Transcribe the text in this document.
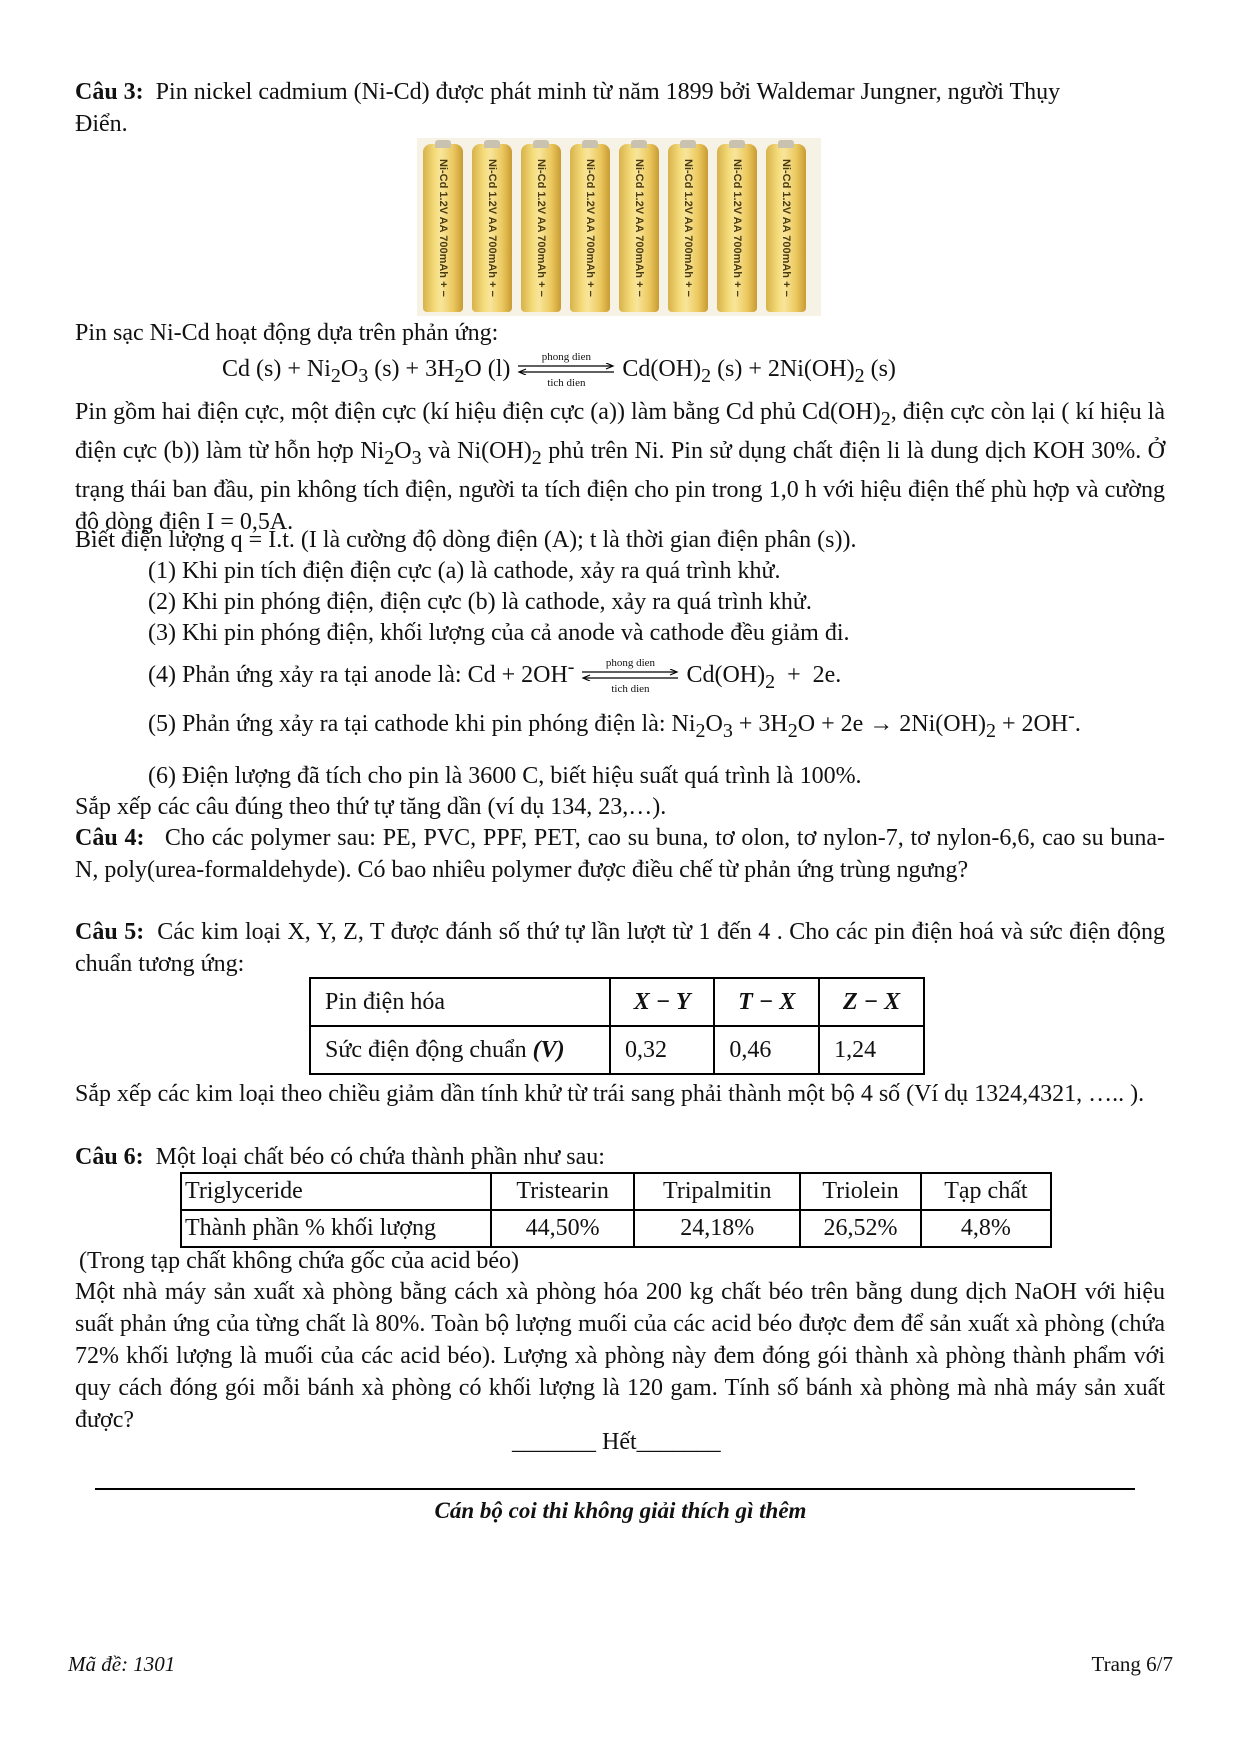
Câu 3: Pin nickel cadmium (Ni-Cd) được phát minh từ năm 1899 bởi Waldemar Jungner, người Thụy
Điển.
Ni-Cd 1.2V AA 700mAh + −	Ni-Cd 1.2V AA 700mAh + −	Ni-Cd 1.2V AA 700mAh + −	Ni-Cd 1.2V AA 700mAh + −	Ni-Cd 1.2V AA 700mAh + −	Ni-Cd 1.2V AA 700mAh + −	Ni-Cd 1.2V AA 700mAh + −	Ni-Cd 1.2V AA 700mAh + −
Pin sạc Ni-Cd hoạt động dựa trên phản ứng:
Cd $(s) + Ni_2O_3$ $(s) + 3H_2O$ (l)	phong dien
tich dien
$Cd(OH)_2$ $(s) + 2Ni(OH)_2$ (s)
Pin gồm hai điện cực, một điện cực (kí hiệu điện cực (a)) làm bằng Cd phủ $Cd(OH)_2$, điện cực còn lại ( kí hiệu là điện cực (b)) làm từ hỗn hợp $Ni_2O_3$ và $Ni(OH)_2$ phủ trên Ni. Pin sử dụng chất điện li là dung dịch KOH 30%. Ở trạng thái ban đầu, pin không tích điện, người ta tích điện cho pin trong 1,0 h với hiệu điện thế phù hợp và cường độ dòng điện I = 0,5A.
Biết điện lượng q = I.t. (I là cường độ dòng điện (A); t là thời gian điện phân (s)).
(1) Khi pin tích điện điện cực (a) là cathode, xảy ra quá trình khử.
(2) Khi pin phóng điện, điện cực (b) là cathode, xảy ra quá trình khử.
(3) Khi pin phóng điện, khối lượng của cả anode và cathode đều giảm đi.
(4) Phản ứng xảy ra tại anode là: Cd + 2OH-	phong dien
tich dien
$Cd(OH)_2 + 2e$.
(5) Phản ứng xảy ra tại cathode khi pin phóng điện là: $Ni_2O_3 + 3H_2O + 2e \to 2Ni(OH)_2 + 2OH^-$.
(6) Điện lượng đã tích cho pin là 3600 C, biết hiệu suất quá trình là 100%.
Sắp xếp các câu đúng theo thứ tự tăng dần (ví dụ 134, 23,…).
Câu 4: Cho các polymer sau: PE, PVC, PPF, PET, cao su buna, tơ olon, tơ nylon-7, tơ nylon-6,6, cao su buna-N, poly(urea-formaldehyde). Có bao nhiêu polymer được điều chế từ phản ứng trùng ngưng?
Câu 5: Các kim loại X, Y, Z, T được đánh số thứ tự lần lượt từ 1 đến 4 . Cho các pin điện hoá và sức điện động chuẩn tương ứng:
Pin điện hóa	X − Y	T − X	Z − X
Sức điện động chuẩn (V)	0,32	0,46	1,24
Sắp xếp các kim loại theo chiều giảm dần tính khử từ trái sang phải thành một bộ 4 số (Ví dụ 1324,4321, ….. ).
Câu 6: Một loại chất béo có chứa thành phần như sau:
Triglyceride	Tristearin	Tripalmitin	Triolein	Tạp chất
Thành phần % khối lượng	44,50%	24,18%	26,52%	4,8%
(Trong tạp chất không chứa gốc của acid béo)
Một nhà máy sản xuất xà phòng bằng cách xà phòng hóa 200 kg chất béo trên bằng dung dịch NaOH với hiệu suất phản ứng của từng chất là 80%. Toàn bộ lượng muối của các acid béo được đem để sản xuất xà phòng (chứa 72% khối lượng là muối của các acid béo). Lượng xà phòng này đem đóng gói thành xà phòng thành phẩm với quy cách đóng gói mỗi bánh xà phòng có khối lượng là 120 gam. Tính số bánh xà phòng mà nhà máy sản xuất được?
_______ Hết_______
Cán bộ coi thi không giải thích gì thêm
Mã đề: 1301	Trang 6/7
